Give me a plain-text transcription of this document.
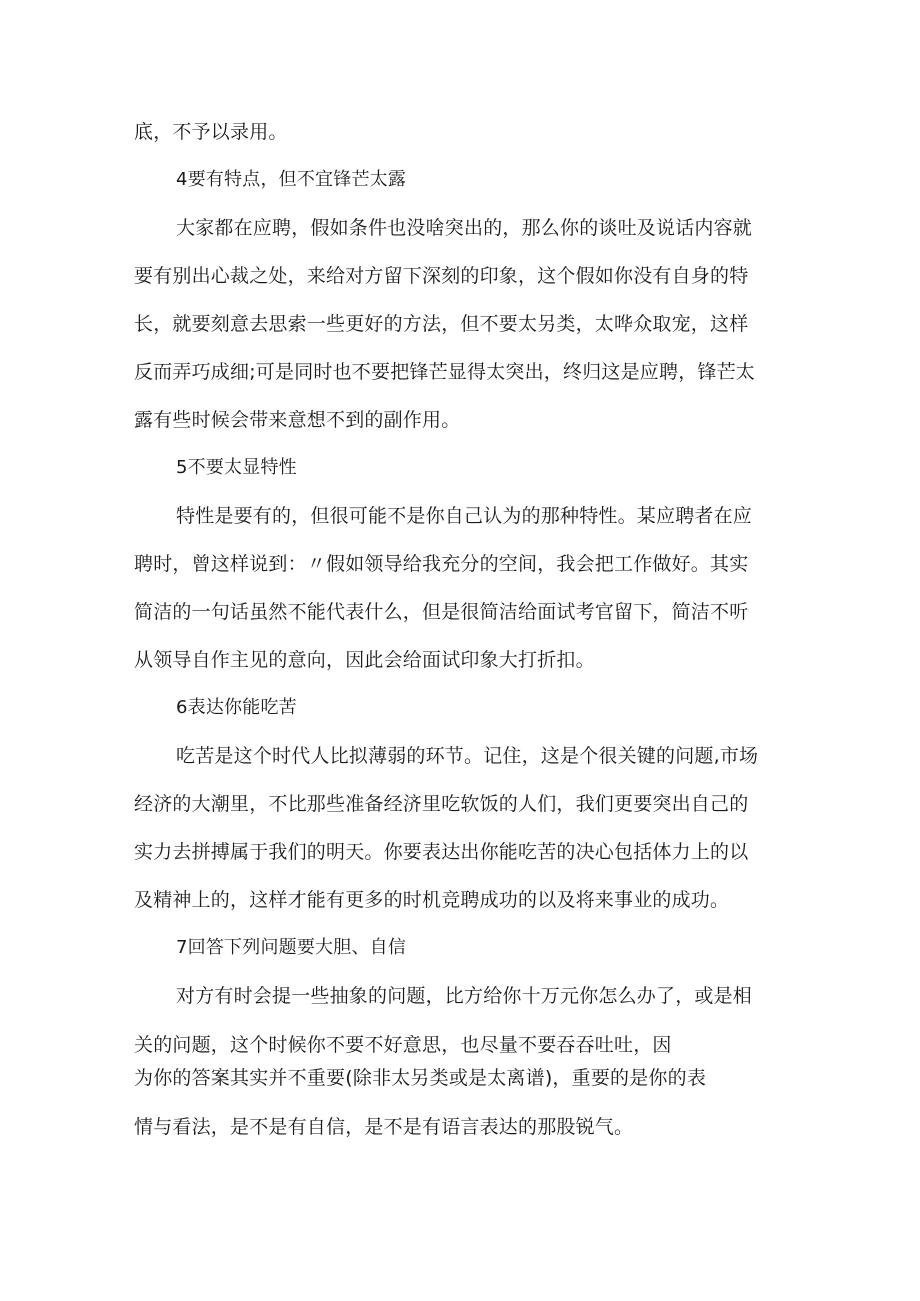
底，不予以录用。

4要有特点，但不宜锋芒太露

大家都在应聘，假如条件也没啥突出的，那么你的谈吐及说话内容就

要有别出心裁之处，来给对方留下深刻的印象，这个假如你没有自身的特

长，就要刻意去思索一些更好的方法，但不要太另类，太哗众取宠，这样

反而弄巧成细;可是同时也不要把锋芒显得太突出，终归这是应聘，锋芒太

露有些时候会带来意想不到的副作用。

5不要太显特性

特性是要有的，但很可能不是你自己认为的那种特性。某应聘者在应

聘时，曾这样说到：〃假如领导给我充分的空间，我会把工作做好。其实

简洁的一句话虽然不能代表什么，但是很简洁给面试考官留下，简洁不听

从领导自作主见的意向，因此会给面试印象大打折扣。

6表达你能吃苦

吃苦是这个时代人比拟薄弱的环节。记住，这是个很关键的问题,市场

经济的大潮里，不比那些准备经济里吃软饭的人们，我们更要突出自己的

实力去拼搏属于我们的明天。你要表达出你能吃苦的决心包括体力上的以

及精神上的，这样才能有更多的时机竞聘成功的以及将来事业的成功。

7回答下列问题要大胆、自信

对方有时会提一些抽象的问题，比方给你十万元你怎么办了，或是相

关的问题，这个时候你不要不好意思，也尽量不要吞吞吐吐，因

为你的答案其实并不重要(除非太另类或是太离谱)，重要的是你的表

情与看法，是不是有自信，是不是有语言表达的那股锐气。
